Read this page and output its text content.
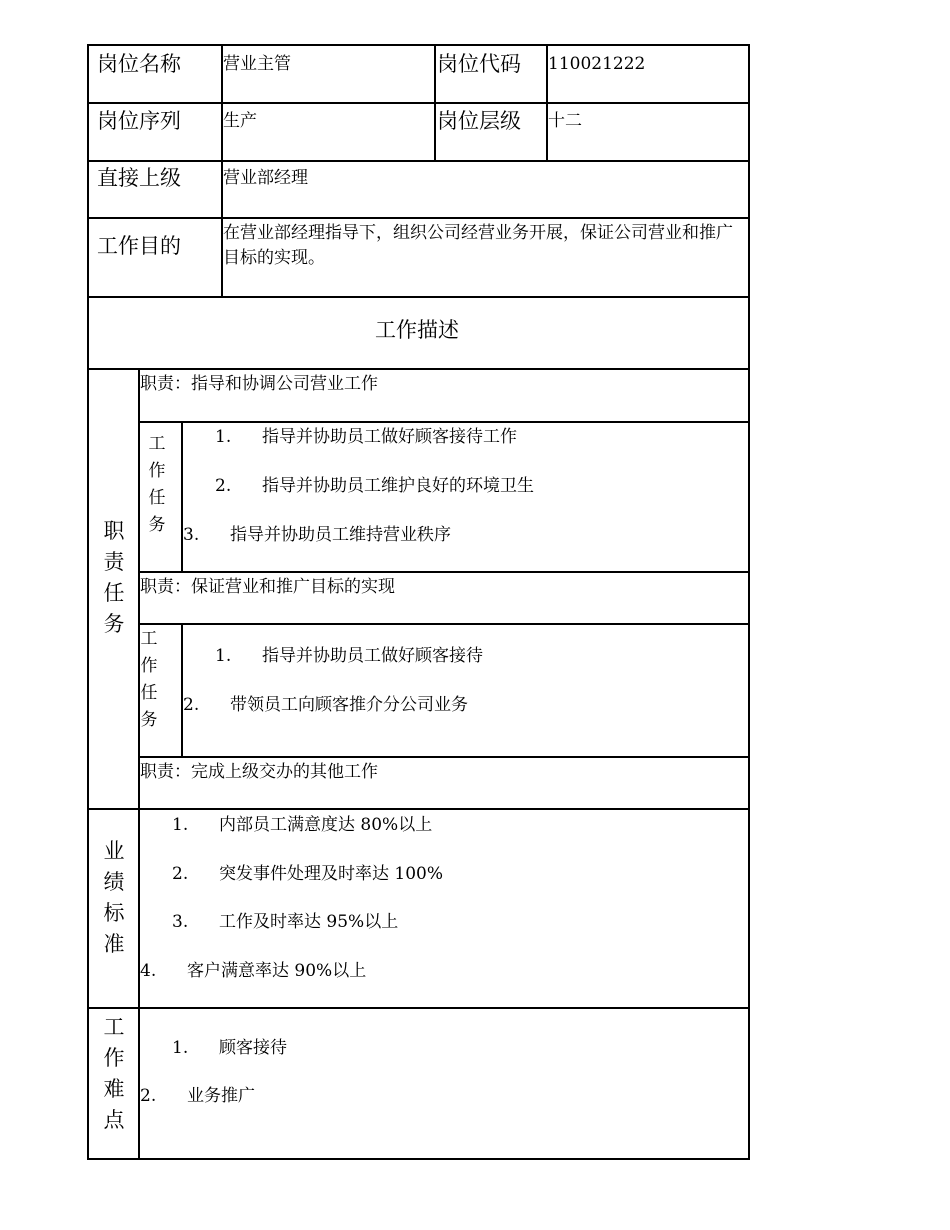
岗位名称 营业主管	岗位代码 110021222
岗位序列 生产	岗位层级 十二
直接上级 营业部经理
工作目的
在营业部经理指导下，组织公司经营业务开展，保证公司营业和推广目标的实现。
工作描述
职
责
任
务
职责：指导和协调公司营业工作
工
作
任
务
1. 指导并协助员工做好顾客接待工作
2. 指导并协助员工维护良好的环境卫生
3. 指导并协助员工维持营业秩序
职责：保证营业和推广目标的实现
工
作
任
务
1. 指导并协助员工做好顾客接待
2. 带领员工向顾客推介分公司业务
职责：完成上级交办的其他工作
业
绩
标
准
1. 内部员工满意度达 80%以上
2. 突发事件处理及时率达 100%
3. 工作及时率达 95%以上
4. 客户满意率达 90%以上
工
作
难
点
1. 顾客接待
2. 业务推广
